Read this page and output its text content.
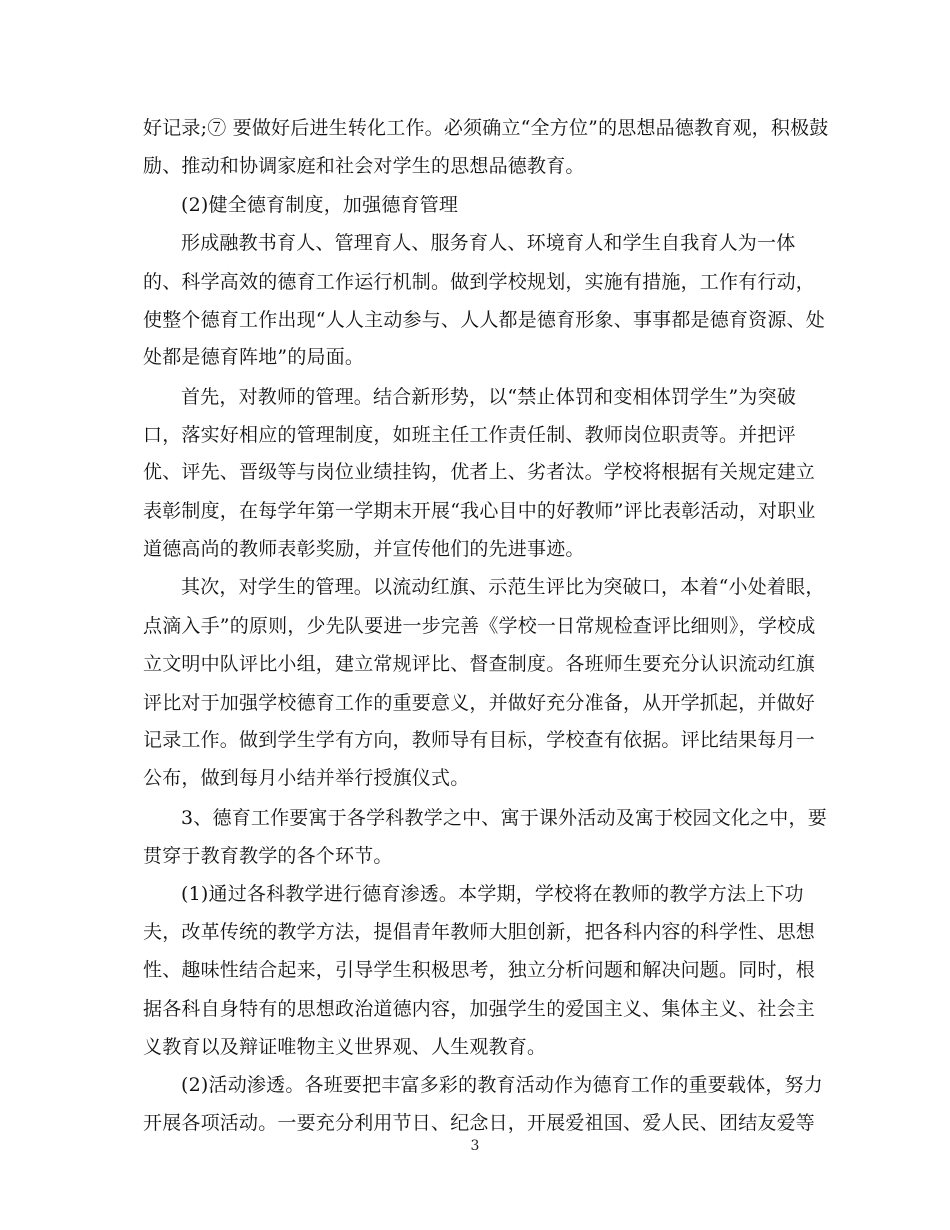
好记录;⑦ 要做好后进生转化工作。必须确立“全方位”的思想品德教育观，积极鼓
励、推动和协调家庭和社会对学生的思想品德教育。
(2)健全德育制度，加强德育管理
形成融教书育人、管理育人、服务育人、环境育人和学生自我育人为一体
的、科学高效的德育工作运行机制。做到学校规划，实施有措施，工作有行动，
使整个德育工作出现“人人主动参与、人人都是德育形象、事事都是德育资源、处
处都是德育阵地”的局面。
首先，对教师的管理。结合新形势，以“禁止体罚和变相体罚学生”为突破
口，落实好相应的管理制度，如班主任工作责任制、教师岗位职责等。并把评
优、评先、晋级等与岗位业绩挂钩，优者上、劣者汰。学校将根据有关规定建立
表彰制度，在每学年第一学期末开展“我心目中的好教师”评比表彰活动，对职业
道德高尚的教师表彰奖励，并宣传他们的先进事迹。
其次，对学生的管理。以流动红旗、示范生评比为突破口，本着“小处着眼，
点滴入手”的原则，少先队要进一步完善《学校一日常规检查评比细则》，学校成
立文明中队评比小组，建立常规评比、督查制度。各班师生要充分认识流动红旗
评比对于加强学校德育工作的重要意义，并做好充分准备，从开学抓起，并做好
记录工作。做到学生学有方向，教师导有目标，学校查有依据。评比结果每月一
公布，做到每月小结并举行授旗仪式。
3、德育工作要寓于各学科教学之中、寓于课外活动及寓于校园文化之中，要
贯穿于教育教学的各个环节。
(1)通过各科教学进行德育渗透。本学期，学校将在教师的教学方法上下功
夫，改革传统的教学方法，提倡青年教师大胆创新，把各科内容的科学性、思想
性、趣味性结合起来，引导学生积极思考，独立分析问题和解决问题。同时，根
据各科自身特有的思想政治道德内容，加强学生的爱国主义、集体主义、社会主
义教育以及辩证唯物主义世界观、人生观教育。
(2)活动渗透。各班要把丰富多彩的教育活动作为德育工作的重要载体，努力
开展各项活动。一要充分利用节日、纪念日，开展爱祖国、爱人民、团结友爱等
3
